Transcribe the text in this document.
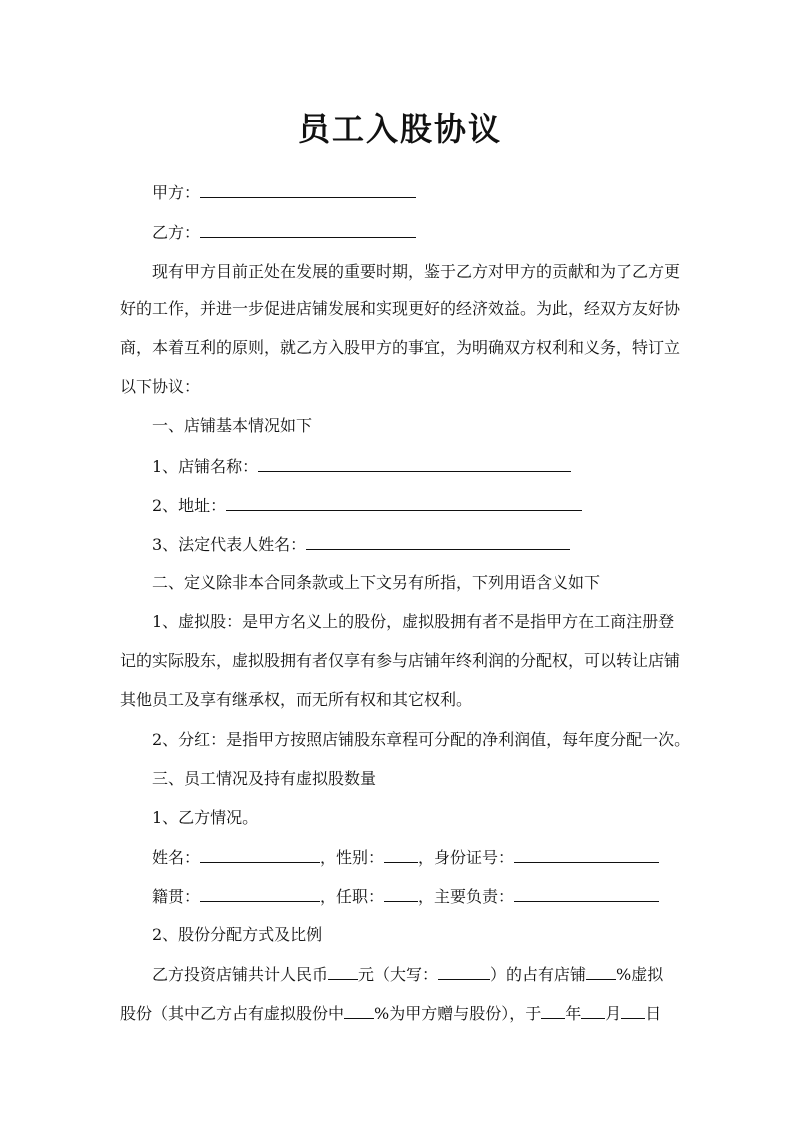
员工入股协议
甲方：
乙方：
现有甲方目前正处在发展的重要时期，鉴于乙方对甲方的贡献和为了乙方更
好的工作，并进一步促进店铺发展和实现更好的经济效益。为此，经双方友好协
商，本着互利的原则，就乙方入股甲方的事宜，为明确双方权利和义务，特订立
以下协议：
一、店铺基本情况如下
1、店铺名称：
2、地址：
3、法定代表人姓名：
二、定义除非本合同条款或上下文另有所指，下列用语含义如下
1、虚拟股：是甲方名义上的股份，虚拟股拥有者不是指甲方在工商注册登
记的实际股东，虚拟股拥有者仅享有参与店铺年终利润的分配权，可以转让店铺
其他员工及享有继承权，而无所有权和其它权利。
2、分红：是指甲方按照店铺股东章程可分配的净利润值，每年度分配一次。
三、员工情况及持有虚拟股数量
1、乙方情况。
姓名：	，性别： ，身份证号：
籍贯：	，任职： ，主要负责：
2、股份分配方式及比例
乙方投资店铺共计人民币 元（大写：	）的占有店铺 %虚拟
股份（其中乙方占有虚拟股份中 %为甲方赠与股份），于 年 月 日
